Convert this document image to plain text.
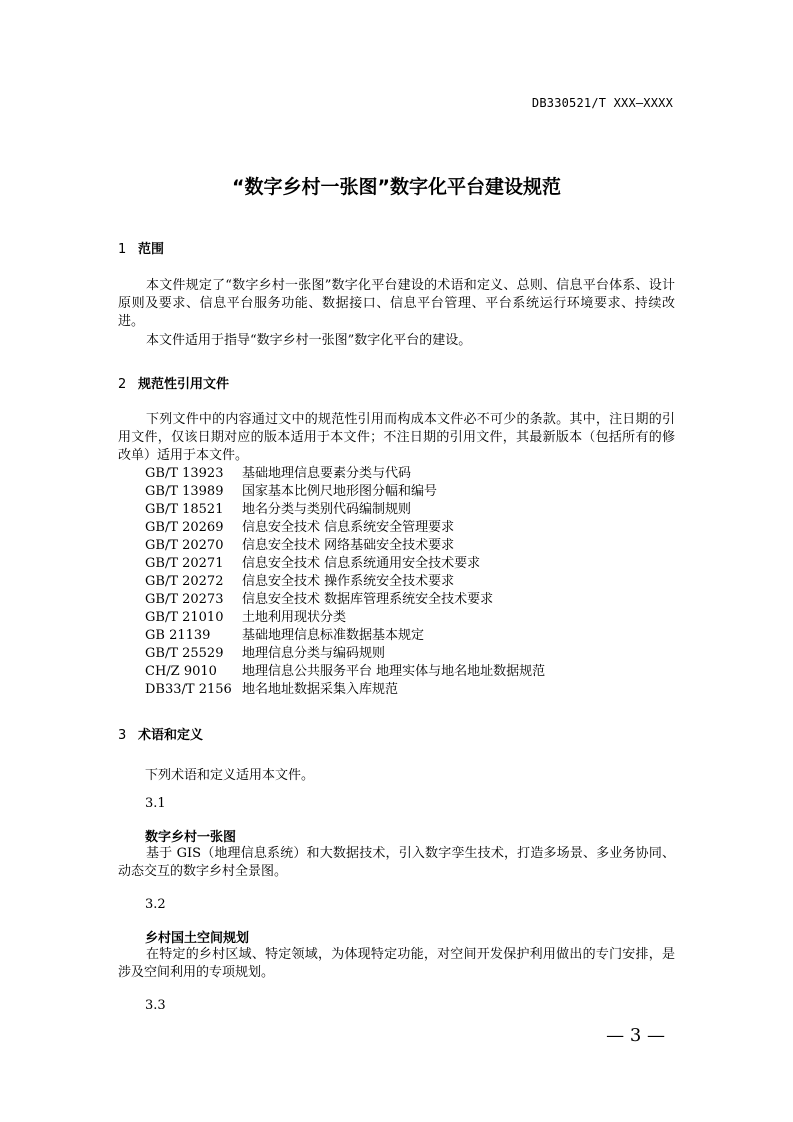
DB330521/T XXX—XXXX
“数字乡村一张图”数字化平台建设规范
1 范围
本文件规定了“数字乡村一张图”数字化平台建设的术语和定义、总则、信息平台体系、设计原则及要求、信息平台服务功能、数据接口、信息平台管理、平台系统运行环境要求、持续改进。
本文件适用于指导“数字乡村一张图”数字化平台的建设。
2 规范性引用文件
下列文件中的内容通过文中的规范性引用而构成本文件必不可少的条款。其中，注日期的引用文件，仅该日期对应的版本适用于本文件；不注日期的引用文件，其最新版本（包括所有的修改单）适用于本文件。
GB/T 13923	基础地理信息要素分类与代码
GB/T 13989	国家基本比例尺地形图分幅和编号
GB/T 18521	地名分类与类别代码编制规则
GB/T 20269	信息安全技术 信息系统安全管理要求
GB/T 20270	信息安全技术 网络基础安全技术要求
GB/T 20271	信息安全技术 信息系统通用安全技术要求
GB/T 20272	信息安全技术 操作系统安全技术要求
GB/T 20273	信息安全技术 数据库管理系统安全技术要求
GB/T 21010	土地利用现状分类
GB 21139	基础地理信息标准数据基本规定
GB/T 25529	地理信息分类与编码规则
CH/Z 9010	地理信息公共服务平台 地理实体与地名地址数据规范
DB33/T 2156 地名地址数据采集入库规范
3 术语和定义
下列术语和定义适用本文件。
3.1
数字乡村一张图
基于 GIS（地理信息系统）和大数据技术，引入数字孪生技术，打造多场景、多业务协同、动态交互的数字乡村全景图。
3.2
乡村国土空间规划
在特定的乡村区域、特定领域，为体现特定功能，对空间开发保护利用做出的专门安排，是涉及空间利用的专项规划。
3.3
— 3 —
